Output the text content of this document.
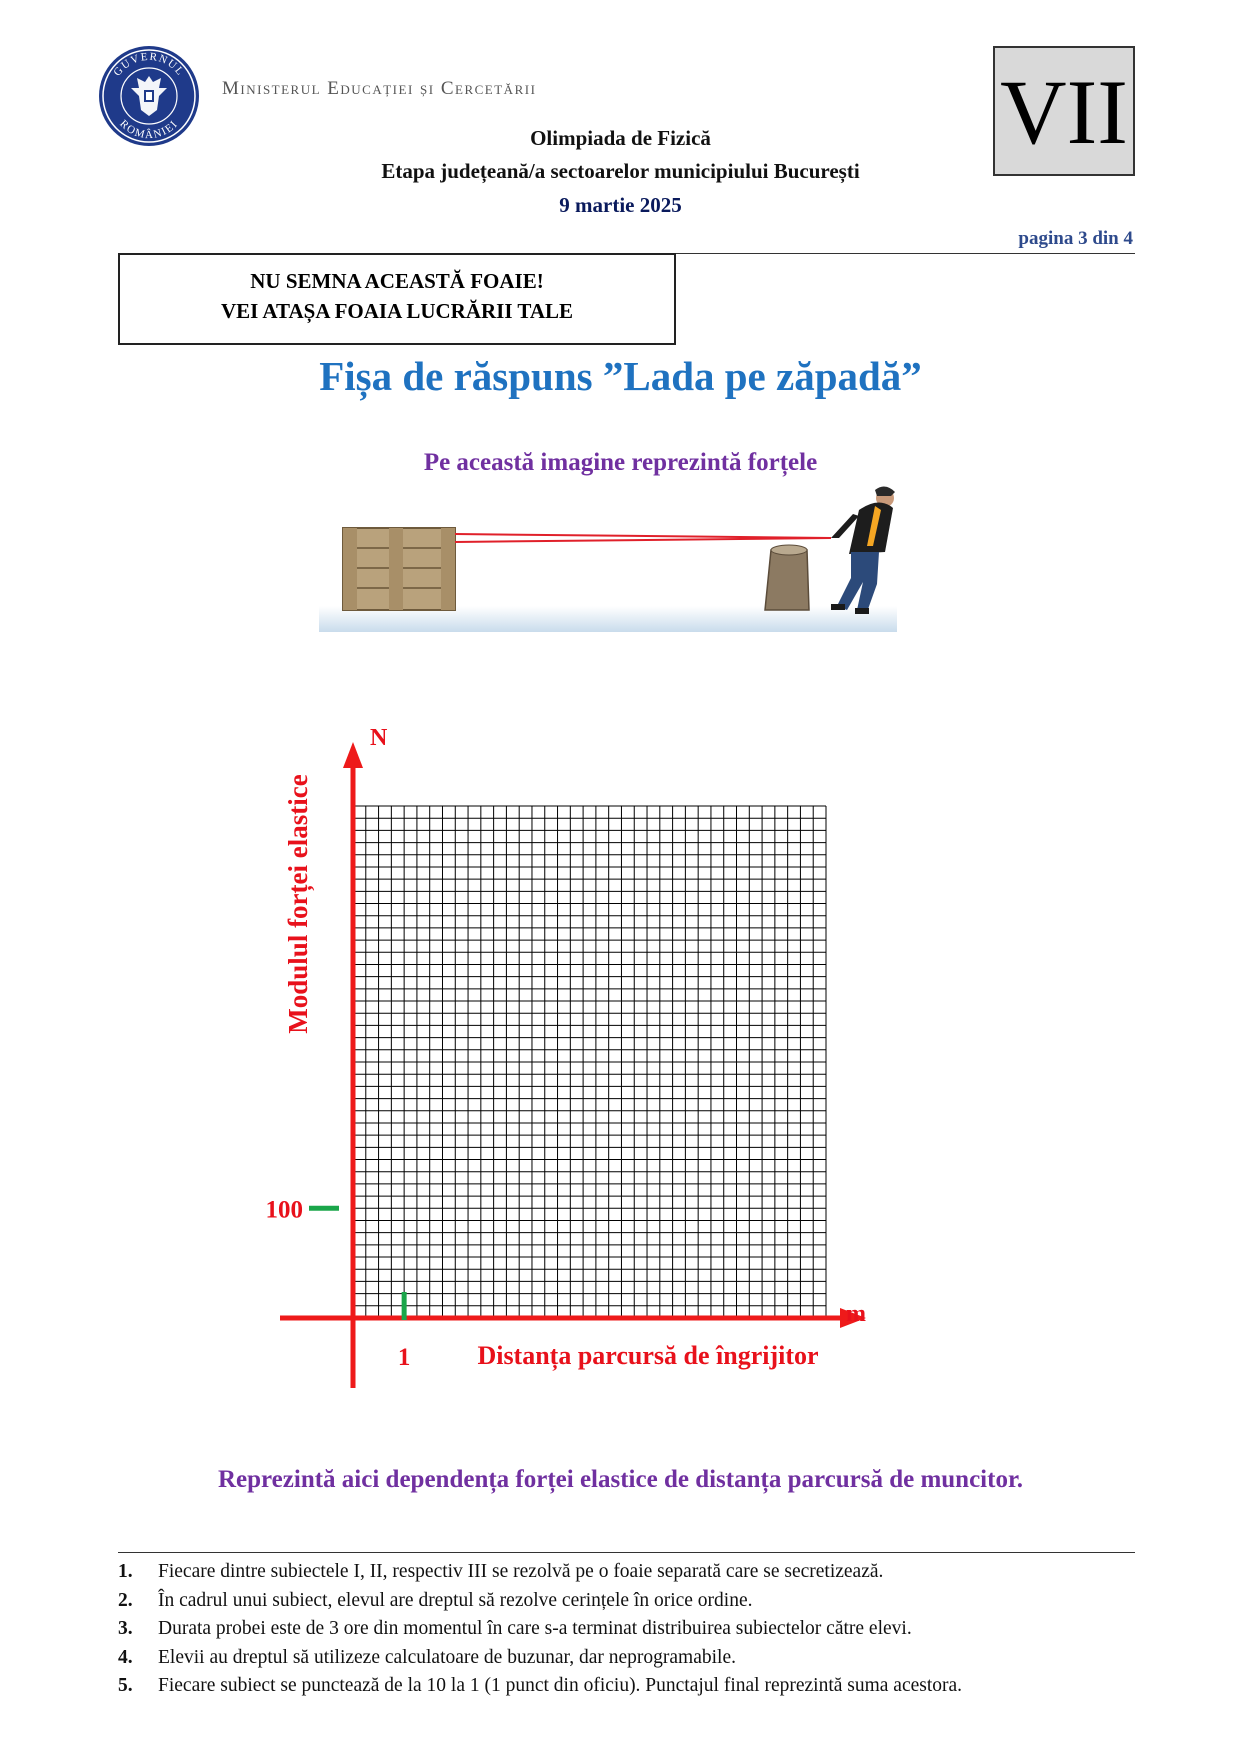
GUVERNUL
ROMÂNIEI
Ministerul Educației și Cercetării
Olimpiada de Fizică
Etapa județeană/a sectoarelor municipiului București
9 martie 2025
VII
pagina 3 din 4
NU SEMNA ACEASTĂ FOAIE!
VEI ATAȘA FOAIA LUCRĂRII TALE
Fișa de răspuns ”Lada pe zăpadă”
Pe această imagine reprezintă forțele
N
m
Modulul forței elastice
Distanța parcursă de îngrijitor
1
100
Reprezintă aici dependența forței elastice de distanța parcursă de muncitor.
1.	Fiecare dintre subiectele I, II, respectiv III se rezolvă pe o foaie separată care se secretizează.
2.	În cadrul unui subiect, elevul are dreptul să rezolve cerințele în orice ordine.
3.	Durata probei este de 3 ore din momentul în care s-a terminat distribuirea subiectelor către elevi.
4.	Elevii au dreptul să utilizeze calculatoare de buzunar, dar neprogramabile.
5.	Fiecare subiect se punctează de la 10 la 1 (1 punct din oficiu). Punctajul final reprezintă suma acestora.
